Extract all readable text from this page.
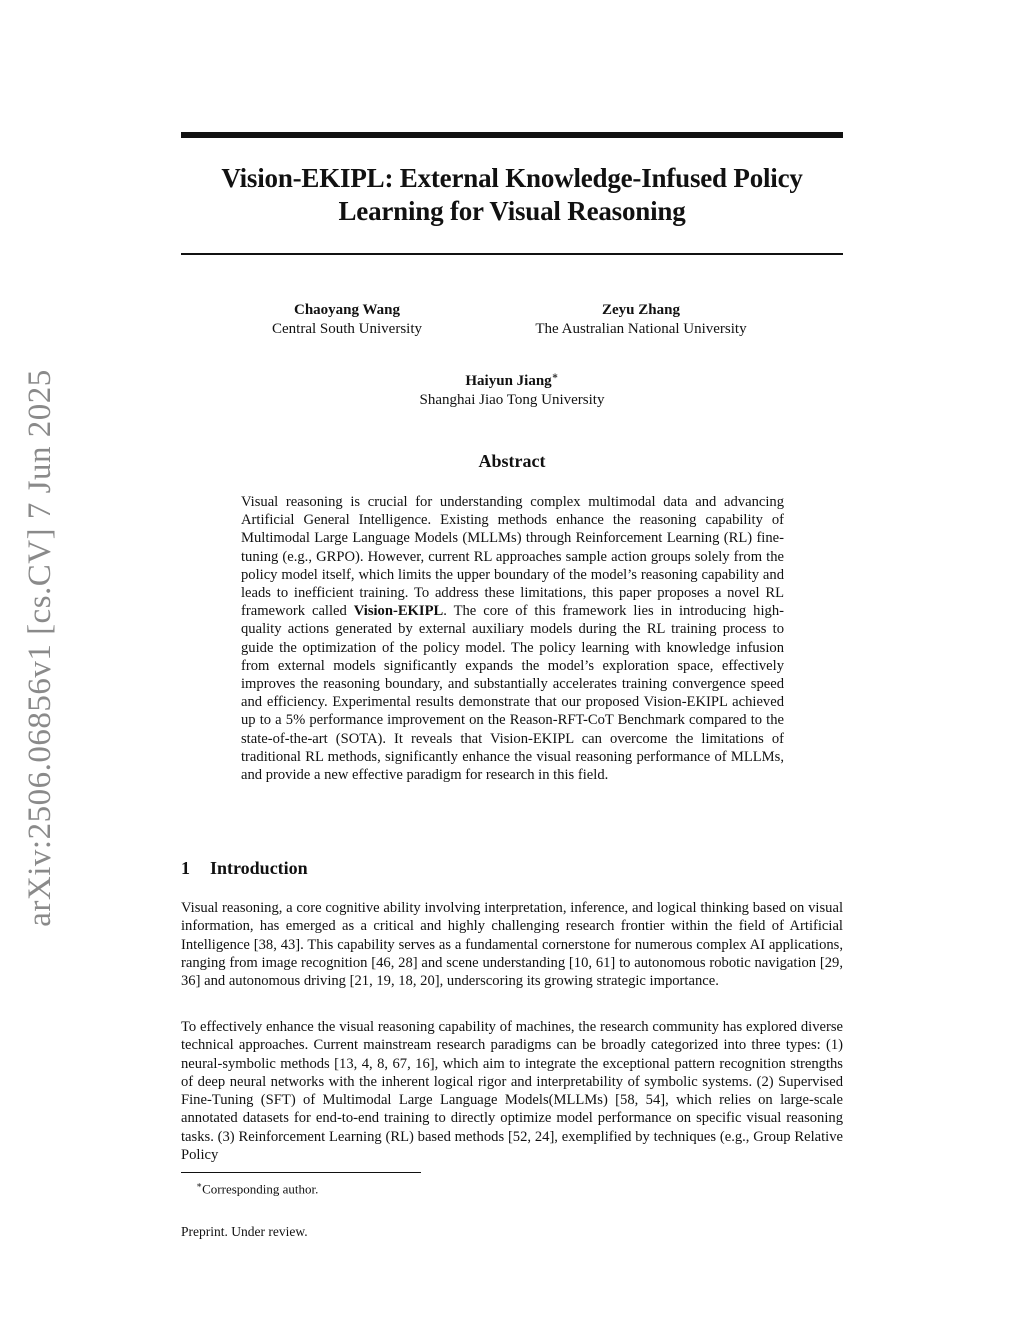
arXiv:2506.06856v1 [cs.CV] 7 Jun 2025
Vision-EKIPL: External Knowledge-Infused Policy
Learning for Visual Reasoning
Chaoyang Wang
Central South University
Zeyu Zhang
The Australian National University
Haiyun Jiang∗
Shanghai Jiao Tong University
Abstract
Visual reasoning is crucial for understanding complex multimodal data and advancing Artificial General Intelligence. Existing methods enhance the reasoning capability of Multimodal Large Language Models (MLLMs) through Reinforcement Learning (RL) fine-tuning (e.g., GRPO). However, current RL approaches sample action groups solely from the policy model itself, which limits the upper boundary of the model’s reasoning capability and leads to inefficient training. To address these limitations, this paper proposes a novel RL framework called Vision-EKIPL. The core of this framework lies in introducing high-quality actions generated by external auxiliary models during the RL training process to guide the optimization of the policy model. The policy learning with knowledge infusion from external models significantly expands the model’s exploration space, effectively improves the reasoning boundary, and substantially accelerates training convergence speed and efficiency. Experimental results demonstrate that our proposed Vision-EKIPL achieved up to a 5% performance improvement on the Reason-RFT-CoT Benchmark compared to the state-of-the-art (SOTA). It reveals that Vision-EKIPL can overcome the limitations of traditional RL methods, significantly enhance the visual reasoning performance of MLLMs, and provide a new effective paradigm for research in this field.
1 Introduction
Visual reasoning, a core cognitive ability involving interpretation, inference, and logical thinking based on visual information, has emerged as a critical and highly challenging research frontier within the field of Artificial Intelligence [38, 43]. This capability serves as a fundamental cornerstone for numerous complex AI applications, ranging from image recognition [46, 28] and scene understanding [10, 61] to autonomous robotic navigation [29, 36] and autonomous driving [21, 19, 18, 20], underscoring its growing strategic importance.
To effectively enhance the visual reasoning capability of machines, the research community has explored diverse technical approaches. Current mainstream research paradigms can be broadly categorized into three types: (1) neural-symbolic methods [13, 4, 8, 67, 16], which aim to integrate the exceptional pattern recognition strengths of deep neural networks with the inherent logical rigor and interpretability of symbolic systems. (2) Supervised Fine-Tuning (SFT) of Multimodal Large Language Models(MLLMs) [58, 54], which relies on large-scale annotated datasets for end-to-end training to directly optimize model performance on specific visual reasoning tasks. (3) Reinforcement Learning (RL) based methods [52, 24], exemplified by techniques (e.g., Group Relative Policy
∗Corresponding author.
Preprint. Under review.
